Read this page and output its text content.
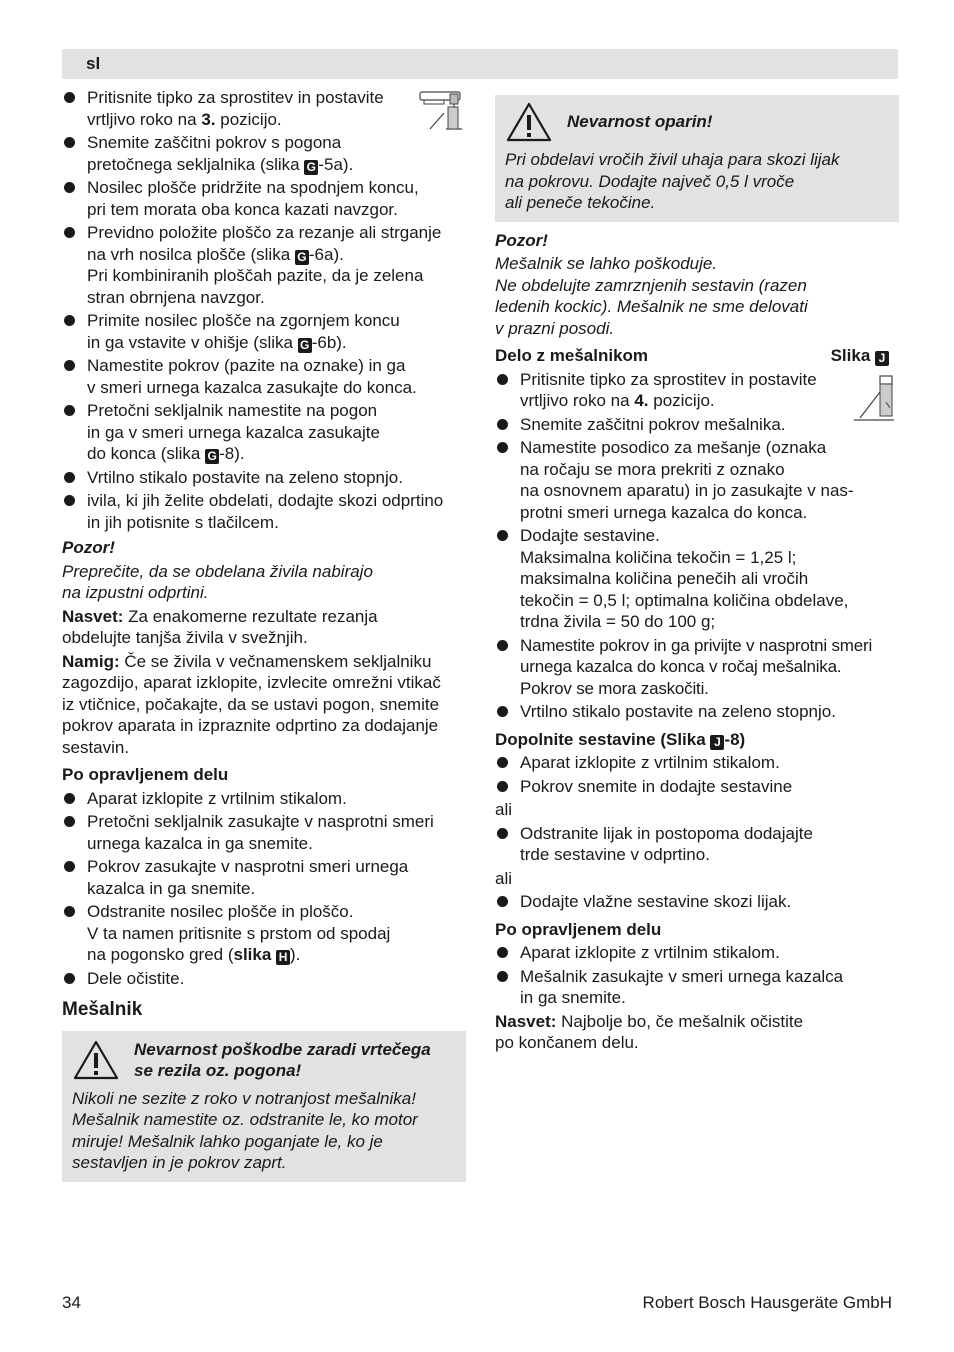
sl
Pritisnite tipko za sprostitev in postavite
vrtljivo roko na 3. pozicijo.
Snemite zaščitni pokrov s pogona
pretočnega sekljalnika (slika G -5a).
Nosilec plošče pridržite na spodnjem koncu,
pri tem morata oba konca kazati navzgor.
Previdno položite ploščo za rezanje ali strganje
na vrh nosilca plošče (slika G -6a).
Pri kombiniranih ploščah pazite, da je zelena
stran obrnjena navzgor.
Primite nosilec plošče na zgornjem koncu
in ga vstavite v ohišje (slika G -6b).
Namestite pokrov (pazite na oznake) in ga
v smeri urnega kazalca zasukajte do konca.
Pretočni sekljalnik namestite na pogon
in ga v smeri urnega kazalca zasukajte
do konca (slika G -8).
Vrtilno stikalo postavite na zeleno stopnjo.
ivila, ki jih želite obdelati, dodajte skozi odprtino
in jih potisnite s tlačilcem.

Pozor!

Preprečite, da se obdelana živila nabirajo
na izpustni odprtini.

Nasvet: Za enakomerne rezultate rezanja
obdelujte tanjša živila v svežnjih.

Namig: Če se živila v večnamenskem sekljalniku
zagozdijo, aparat izklopite, izvlecite omrežni vtikač
iz vtičnice, počakajte, da se ustavi pogon, snemite
pokrov aparata in izpraznite odprtino za dodajanje
sestavin.

Po opravljenem delu
Aparat izklopite z vrtilnim stikalom.
Pretočni sekljalnik zasukajte v nasprotni smeri
urnega kazalca in ga snemite.
Pokrov zasukajte v nasprotni smeri urnega
kazalca in ga snemite.
Odstranite nosilec plošče in ploščo.
V ta namen pritisnite s prstom od spodaj
na pogonsko gred (slika H ).
Dele očistite.
Mešalnik
Nevarnost poškodbe zaradi vrtečega
se rezila oz. pogona!
Nikoli ne sezite z roko v notranjost mešalnika!
Mešalnik namestite oz. odstranite le, ko motor
miruje! Mešalnik lahko poganjate le, ko je
sestavljen in je pokrov zaprt.
Nevarnost oparin!
Pri obdelavi vročih živil uhaja para skozi lijak
na pokrovu. Dodajte največ 0,5 l vroče
ali peneče tekočine.

Pozor!

Mešalnik se lahko poškoduje.
Ne obdelujte zamrznjenih sestavin (razen
ledenih kockic). Mešalnik ne sme delovati
v prazni posodi.

Delo z mešalnikom	Slika J
Pritisnite tipko za sprostitev in postavite
vrtljivo roko na 4. pozicijo.
Snemite zaščitni pokrov mešalnika.
Namestite posodico za mešanje (oznaka
na ročaju se mora prekriti z oznako
na osnovnem aparatu) in jo zasukajte v nas-
protni smeri urnega kazalca do konca.
Dodajte sestavine.
Maksimalna količina tekočin = 1,25 l;
maksimalna količina penečih ali vročih
tekočin = 0,5 l; optimalna količina obdelave,
trdna živila = 50 do 100 g;
Namestite pokrov in ga privijte v nasprotni smeri
urnega kazalca do konca v ročaj mešalnika.
Pokrov se mora zaskočiti.
Vrtilno stikalo postavite na zeleno stopnjo.
Dopolnite sestavine (Slika J -8)
Aparat izklopite z vrtilnim stikalom.
Pokrov snemite in dodajte sestavine

ali

Odstranite lijak in postopoma dodajajte
trde sestavine v odprtino.

ali

Dodajte vlažne sestavine skozi lijak.
Po opravljenem delu
Aparat izklopite z vrtilnim stikalom.
Mešalnik zasukajte v smeri urnega kazalca
in ga snemite.

Nasvet: Najbolje bo, če mešalnik očistite
po končanem delu.

34	Robert Bosch Hausgeräte GmbH
